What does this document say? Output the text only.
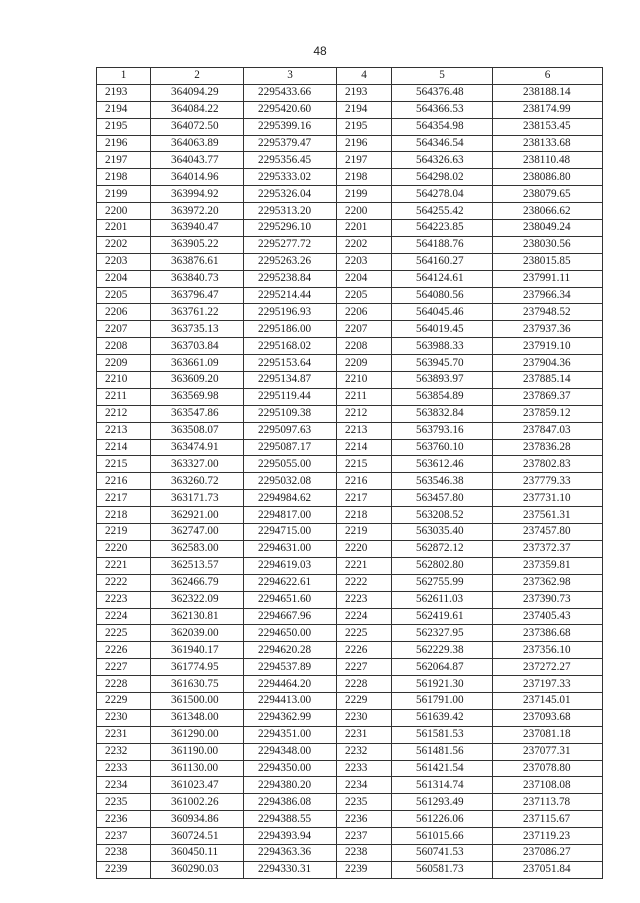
48
1	2	3	4	5	6
2193	364094.29	2295433.66	2193	564376.48	238188.14
2194	364084.22	2295420.60	2194	564366.53	238174.99
2195	364072.50	2295399.16	2195	564354.98	238153.45
2196	364063.89	2295379.47	2196	564346.54	238133.68
2197	364043.77	2295356.45	2197	564326.63	238110.48
2198	364014.96	2295333.02	2198	564298.02	238086.80
2199	363994.92	2295326.04	2199	564278.04	238079.65
2200	363972.20	2295313.20	2200	564255.42	238066.62
2201	363940.47	2295296.10	2201	564223.85	238049.24
2202	363905.22	2295277.72	2202	564188.76	238030.56
2203	363876.61	2295263.26	2203	564160.27	238015.85
2204	363840.73	2295238.84	2204	564124.61	237991.11
2205	363796.47	2295214.44	2205	564080.56	237966.34
2206	363761.22	2295196.93	2206	564045.46	237948.52
2207	363735.13	2295186.00	2207	564019.45	237937.36
2208	363703.84	2295168.02	2208	563988.33	237919.10
2209	363661.09	2295153.64	2209	563945.70	237904.36
2210	363609.20	2295134.87	2210	563893.97	237885.14
2211	363569.98	2295119.44	2211	563854.89	237869.37
2212	363547.86	2295109.38	2212	563832.84	237859.12
2213	363508.07	2295097.63	2213	563793.16	237847.03
2214	363474.91	2295087.17	2214	563760.10	237836.28
2215	363327.00	2295055.00	2215	563612.46	237802.83
2216	363260.72	2295032.08	2216	563546.38	237779.33
2217	363171.73	2294984.62	2217	563457.80	237731.10
2218	362921.00	2294817.00	2218	563208.52	237561.31
2219	362747.00	2294715.00	2219	563035.40	237457.80
2220	362583.00	2294631.00	2220	562872.12	237372.37
2221	362513.57	2294619.03	2221	562802.80	237359.81
2222	362466.79	2294622.61	2222	562755.99	237362.98
2223	362322.09	2294651.60	2223	562611.03	237390.73
2224	362130.81	2294667.96	2224	562419.61	237405.43
2225	362039.00	2294650.00	2225	562327.95	237386.68
2226	361940.17	2294620.28	2226	562229.38	237356.10
2227	361774.95	2294537.89	2227	562064.87	237272.27
2228	361630.75	2294464.20	2228	561921.30	237197.33
2229	361500.00	2294413.00	2229	561791.00	237145.01
2230	361348.00	2294362.99	2230	561639.42	237093.68
2231	361290.00	2294351.00	2231	561581.53	237081.18
2232	361190.00	2294348.00	2232	561481.56	237077.31
2233	361130.00	2294350.00	2233	561421.54	237078.80
2234	361023.47	2294380.20	2234	561314.74	237108.08
2235	361002.26	2294386.08	2235	561293.49	237113.78
2236	360934.86	2294388.55	2236	561226.06	237115.67
2237	360724.51	2294393.94	2237	561015.66	237119.23
2238	360450.11	2294363.36	2238	560741.53	237086.27
2239	360290.03	2294330.31	2239	560581.73	237051.84
